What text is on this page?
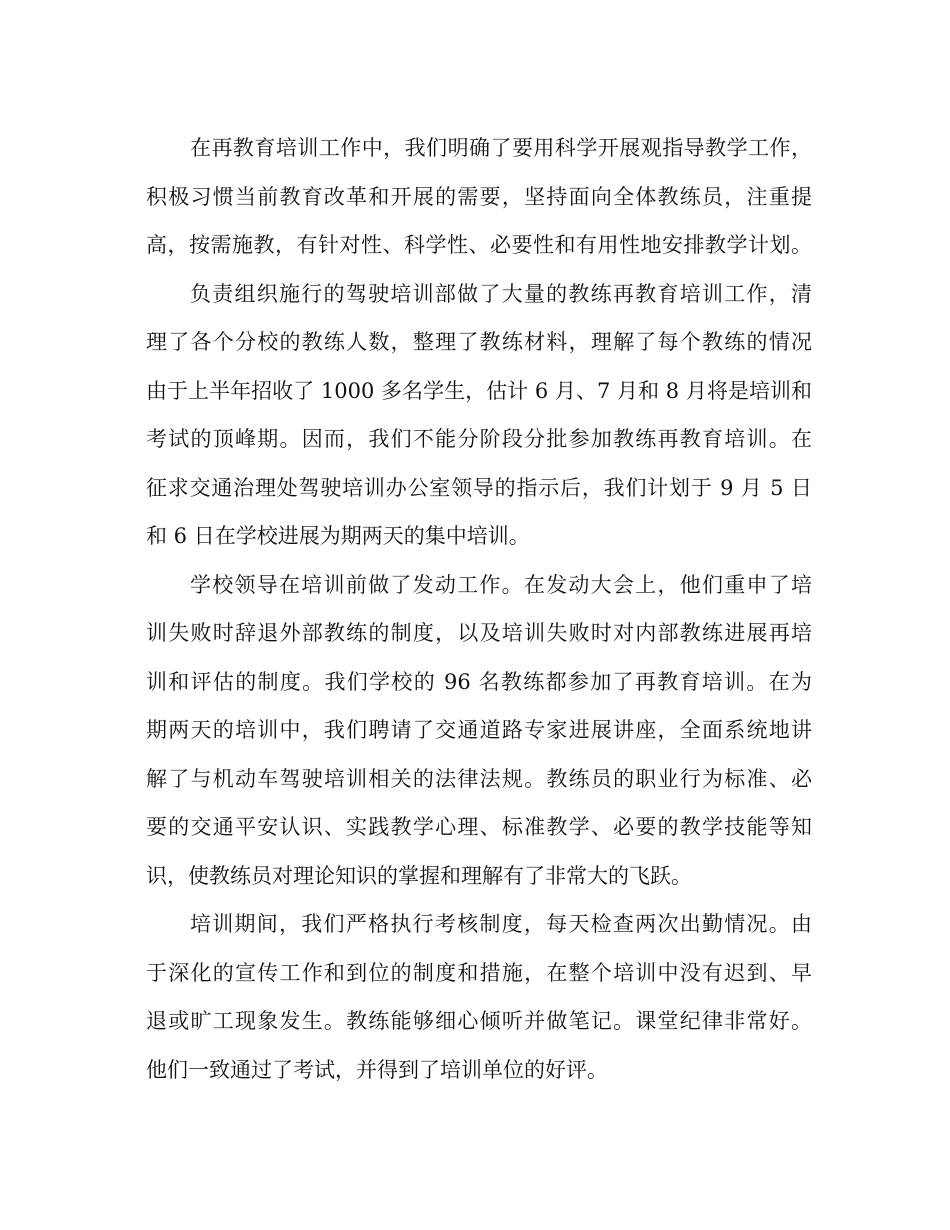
在再教育培训工作中，我们明确了要用科学开展观指导教学工作，
积极习惯当前教育改革和开展的需要，坚持面向全体教练员，注重提
高，按需施教，有针对性、科学性、必要性和有用性地安排教学计划。
负责组织施行的驾驶培训部做了大量的教练再教育培训工作，清
理了各个分校的教练人数，整理了教练材料，理解了每个教练的情况
由于上半年招收了 1000 多名学生，估计 6 月、7 月和 8 月将是培训和
考试的顶峰期。因而，我们不能分阶段分批参加教练再教育培训。在
征求交通治理处驾驶培训办公室领导的指示后，我们计划于 9 月 5 日
和 6 日在学校进展为期两天的集中培训。
学校领导在培训前做了发动工作。在发动大会上，他们重申了培
训失败时辞退外部教练的制度，以及培训失败时对内部教练进展再培
训和评估的制度。我们学校的 96 名教练都参加了再教育培训。在为
期两天的培训中，我们聘请了交通道路专家进展讲座，全面系统地讲
解了与机动车驾驶培训相关的法律法规。教练员的职业行为标准、必
要的交通平安认识、实践教学心理、标准教学、必要的教学技能等知
识，使教练员对理论知识的掌握和理解有了非常大的飞跃。
培训期间，我们严格执行考核制度，每天检查两次出勤情况。由
于深化的宣传工作和到位的制度和措施，在整个培训中没有迟到、早
退或旷工现象发生。教练能够细心倾听并做笔记。课堂纪律非常好。
他们一致通过了考试，并得到了培训单位的好评。
